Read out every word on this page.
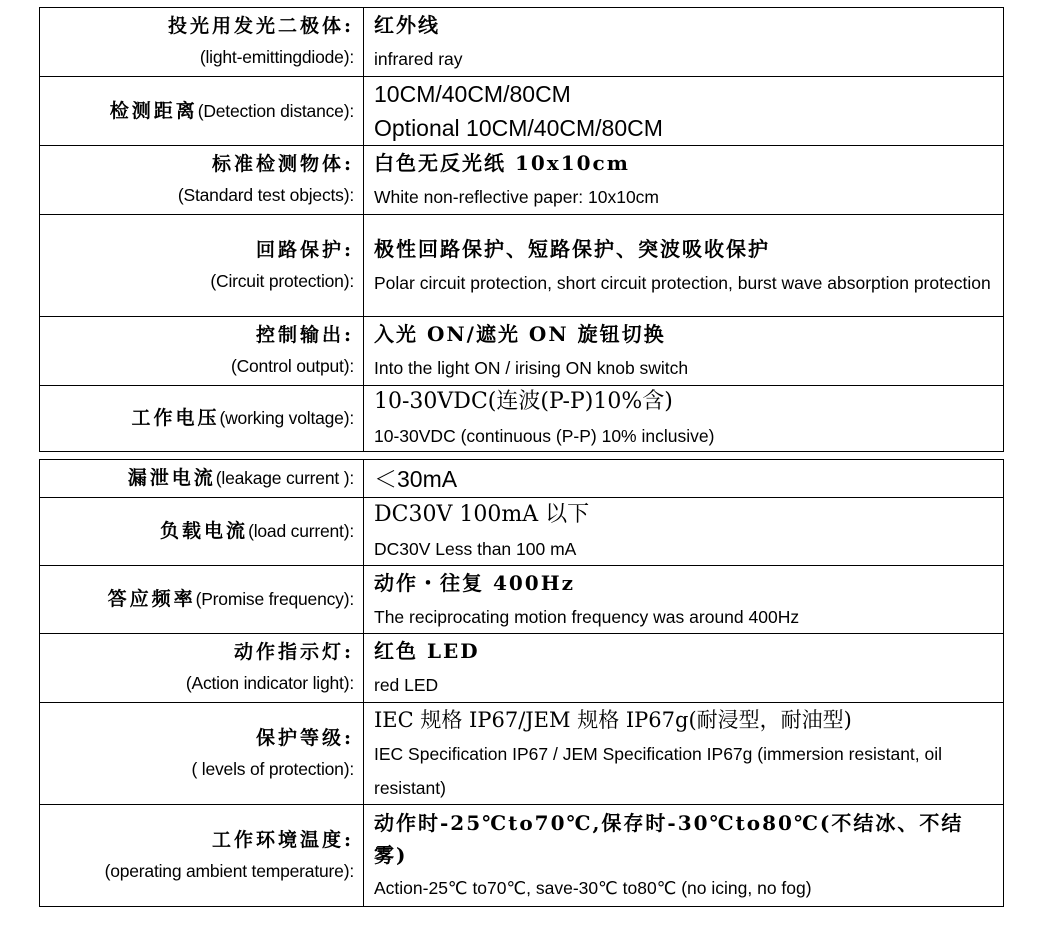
投光用发光二极体:
(light-emittingdiode):
红外线
infrared ray
检测距离(Detection distance):
10CM/40CM/80CM
Optional 10CM/40CM/80CM
标准检测物体:
(Standard test objects):
白色无反光纸 10x10cm
White non-reflective paper: 10x10cm
回路保护:
(Circuit protection):
极性回路保护、短路保护、突波吸收保护
Polar circuit protection, short circuit protection, burst wave absorption protection
控制输出:
(Control output):
入光 ON/遮光 ON 旋钮切换
Into the light ON / irising ON knob switch
工作电压(working voltage):
10-30VDC(连波(P-P)10%含)
10-30VDC (continuous (P-P) 10% inclusive)
漏泄电流(leakage current ): ＜30mA
负载电流(load current):
DC30V 100mA 以下
DC30V Less than 100 mA
答应频率(Promise frequency):
动作・往复 400Hz
The reciprocating motion frequency was around 400Hz
动作指示灯:
(Action indicator light):
红色 LED
red LED
保护等级:
( levels of protection):
IEC 规格 IP67/JEM 规格 IP67g(耐浸型，耐油型)
IEC Specification IP67 / JEM Specification IP67g (immersion resistant, oil resistant)
工作环境温度:
(operating ambient temperature):
动作时-25℃to70℃,保存时-30℃to80℃(不结冰、不结雾)
Action-25℃ to70℃, save-30℃ to80℃ (no icing, no fog)
